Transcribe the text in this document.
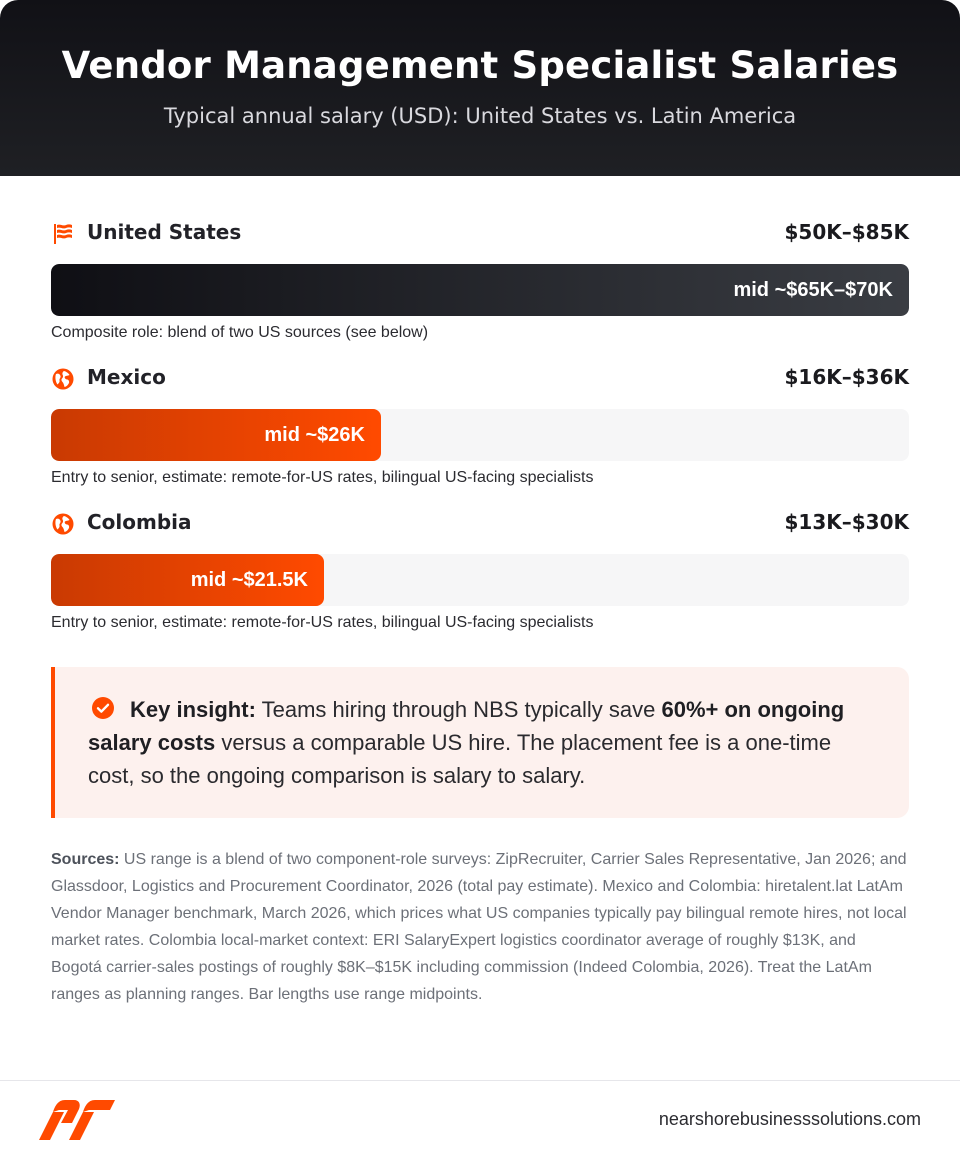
Vendor Management Specialist Salaries
Typical annual salary (USD): United States vs. Latin America
United States	$50K–$85K
mid ~$65K–$70K
Composite role: blend of two US sources (see below)
Mexico	$16K–$36K
mid ~$26K
Entry to senior, estimate: remote-for-US rates, bilingual US-facing specialists
Colombia	$13K–$30K
mid ~$21.5K
Entry to senior, estimate: remote-for-US rates, bilingual US-facing specialists

Key insight: Teams hiring through NBS typically save 60%+ on ongoing salary costs versus a comparable US hire. The placement fee is a one-time cost, so the ongoing comparison is salary to salary.

Sources: US range is a blend of two component-role surveys: ZipRecruiter, Carrier Sales Representative, Jan 2026; and Glassdoor, Logistics and Procurement Coordinator, 2026 (total pay estimate). Mexico and Colombia: hiretalent.lat LatAm Vendor Manager benchmark, March 2026, which prices what US companies typically pay bilingual remote hires, not local market rates. Colombia local-market context: ERI SalaryExpert logistics coordinator average of roughly $13K, and Bogotá carrier-sales postings of roughly $8K–$15K including commission (Indeed Colombia, 2026). Treat the LatAm ranges as planning ranges. Bar lengths use range midpoints.

nearshorebusinesssolutions.com
